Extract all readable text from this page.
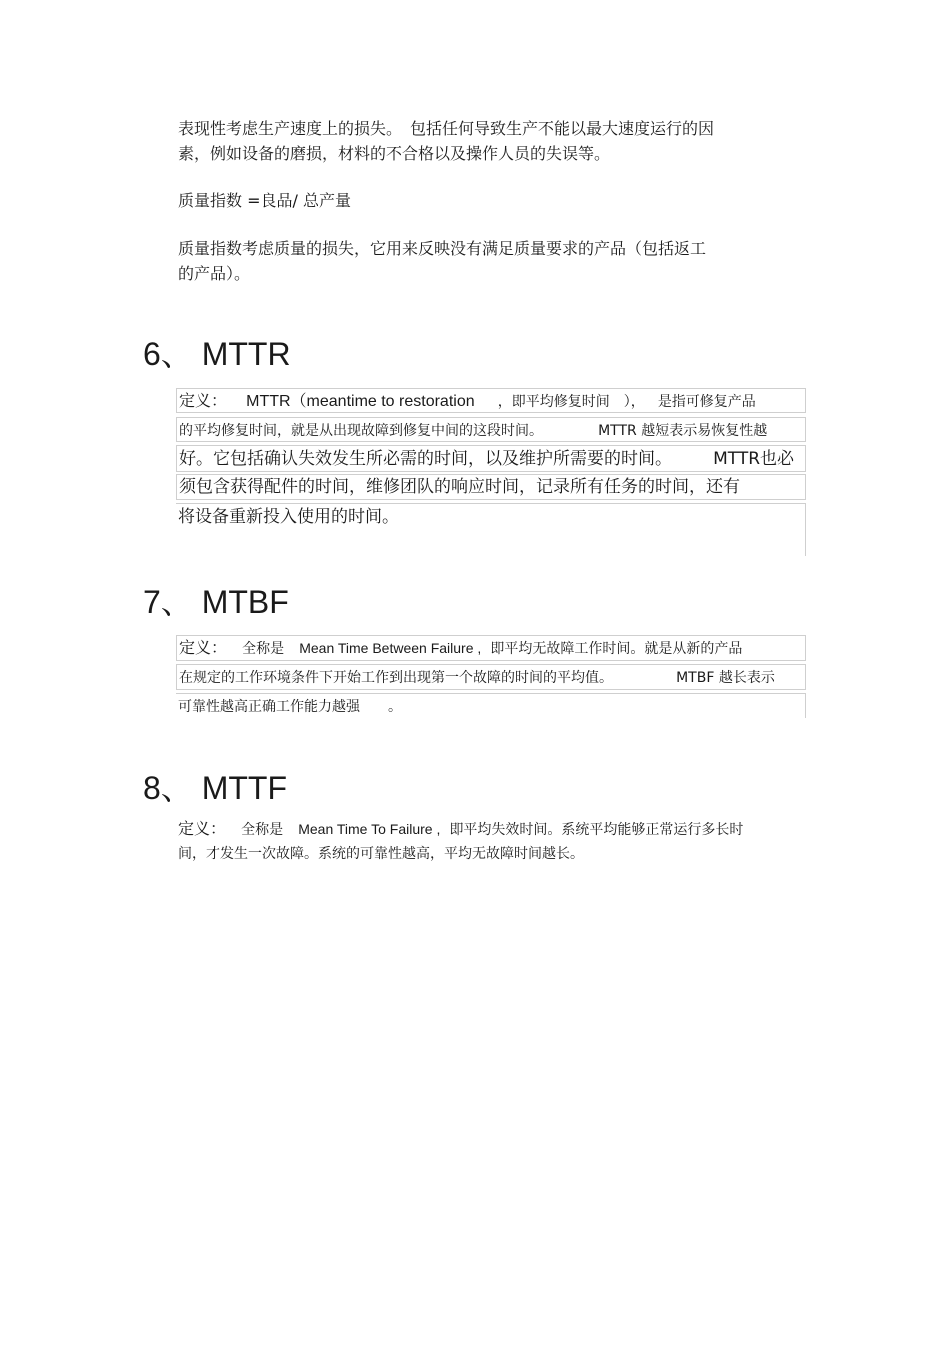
表现性考虑生产速度上的损失。　包括任何导致生产不能以最大速度运行的因
素，例如设备的磨损，材料的不合格以及操作人员的失误等。
质量指数 =良品/ 总产量
质量指数考虑质量的损失，它用来反映没有满足质量要求的产品（包括返工
的产品）。
6、 MTTR
定义： MTTR（meantime to restoration ，即平均修复时间　）， 是指可修复产品
的平均修复时间，就是从出现故障到修复中间的这段时间。	MTTR 越短表示易恢复性越
好。它包括确认失效发生所必需的时间，以及维护所需要的时间。 MTTR也必
须包含获得配件的时间，维修团队的响应时间，记录所有任务的时间，还有
将设备重新投入使用的时间。
7、 MTBF
定义： 全称是 Mean Time Between Failure , 即平均无故障工作时间。就是从新的产品
在规定的工作环境条件下开始工作到出现第一个故障的时间的平均值。	MTBF 越长表示
可靠性越高正确工作能力越强　　。
8、 MTTF
定义： 全称是 Mean Time To Failure , 即平均失效时间。系统平均能够正常运行多长时
间，才发生一次故障。系统的可靠性越高，平均无故障时间越长。
